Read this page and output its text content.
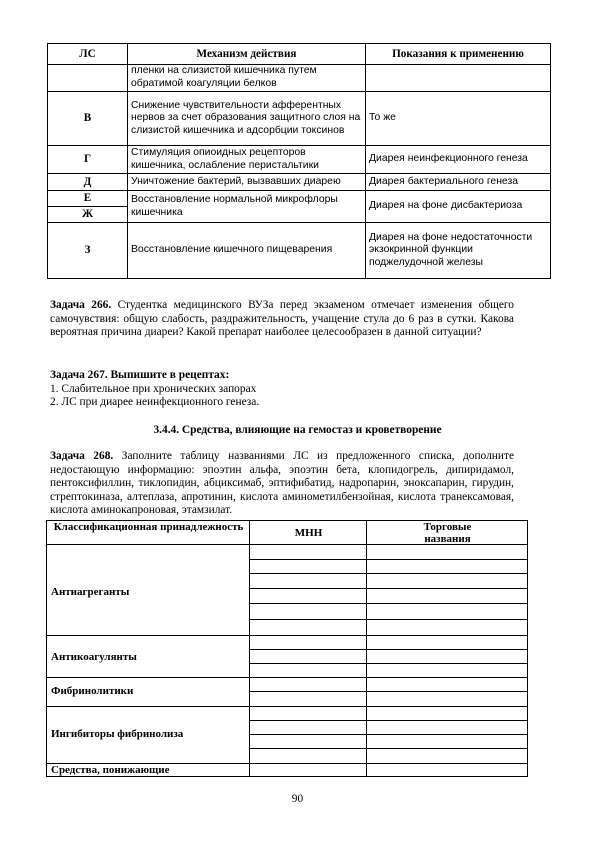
ЛС	Механизм действия	Показания к применению
	пленки на слизистой кишечника путем обратимой коагуляции белков	
В	Снижение чувствительности афферентных нервов за счет образования защитного слоя на слизистой кишечника и адсорбции токсинов	То же
Г	Стимуляция опиоидных рецепторов кишечника, ослабление перистальтики	Диарея неинфекционного генеза
Д	Уничтожение бактерий, вызвавших диарею	Диарея бактериального генеза
Е	Восстановление нормальной микрофлоры кишечника	Диарея на фоне дисбактериоза
Ж		
З	Восстановление кишечного пищеварения	Диарея на фоне недостаточности экзокринной функции поджелудочной железы
Задача 266. Студентка медицинского ВУЗа перед экзаменом отмечает изменения общего самочувствия: общую слабость, раздражительность, учащение стула до 6 раз в сутки. Какова вероятная причина диареи? Какой препарат наиболее целесообразен в данной ситуации?
Задача 267. Выпишите в рецептах:
1. Слабительное при хронических запорах
2. ЛС при диарее неинфекционного генеза.
3.4.4. Средства, влияющие на гемостаз и кроветворение
Задача 268. Заполните таблицу названиями ЛС из предложенного списка, дополните недостающую информацию: эпоэтин альфа, эпоэтин бета, клопидогрель, дипиридамол, пентоксифиллин, тиклопидин, абциксимаб, эптифибатид, надропарин, эноксапарин, гирудин, стрептокиназа, алтеплаза, апротинин, кислота аминометилбензойная, кислота транексамовая, кислота аминокапроновая, этамзилат.
Классификационная принадлежность	МНН	Торговые названия
Антиагреганты
Антикоагулянты
Фибринолитики
Ингибиторы фибринолиза
Средства, понижающие
90
